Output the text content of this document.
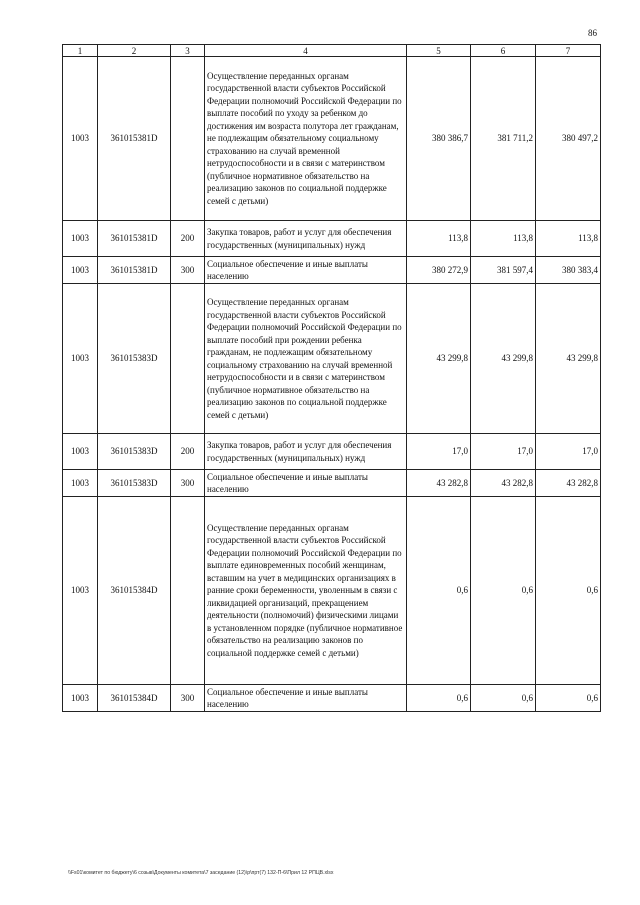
86
1	2	3	4	5	6	7
1003	361015381D		Осуществление переданных органам государственной власти субъектов Российской Федерации полномочий Российской Федерации по выплате пособий по уходу за ребенком до достижения им возраста полутора лет гражданам, не подлежащим обязательному социальному страхованию на случай временной нетрудоспособности и в связи с материнством (публичное нормативное обязательство на реализацию законов по социальной поддержке семей с детьми)	380 386,7	381 711,2	380 497,2
1003	361015381D	200	Закупка товаров, работ и услуг для обеспечения государственных (муниципальных) нужд	113,8	113,8	113,8
1003	361015381D	300	Социальное обеспечение и иные выплаты населению	380 272,9	381 597,4	380 383,4
1003	361015383D		Осуществление переданных органам государственной власти субъектов Российской Федерации полномочий Российской Федерации по выплате пособий при рождении ребенка гражданам, не подлежащим обязательному социальному страхованию на случай временной нетрудоспособности и в связи с материнством (публичное нормативное обязательство на реализацию законов по социальной поддержке семей с детьми)	43 299,8	43 299,8	43 299,8
1003	361015383D	200	Закупка товаров, работ и услуг для обеспечения государственных (муниципальных) нужд	17,0	17,0	17,0
1003	361015383D	300	Социальное обеспечение и иные выплаты населению	43 282,8	43 282,8	43 282,8
1003	361015384D		Осуществление переданных органам государственной власти субъектов Российской Федерации полномочий Российской Федерации по выплате единовременных пособий женщинам, вставшим на учет в медицинских организациях в ранние сроки беременности, уволенным в связи с ликвидацией организаций, прекращением деятельности (полномочий) физическими лицами в установленном порядке (публичное нормативное обязательство на реализацию законов по социальной поддержке семей с детьми)	0,6	0,6	0,6
1003	361015384D	300	Социальное обеспечение и иные выплаты населению	0,6	0,6	0,6
\\Fs01\комитет по бюджету\6 созыв\Документы комитета\7 заседание (12)\р\прт(7) 132-П-6\Прил 12 РПЦВ.xlsx
